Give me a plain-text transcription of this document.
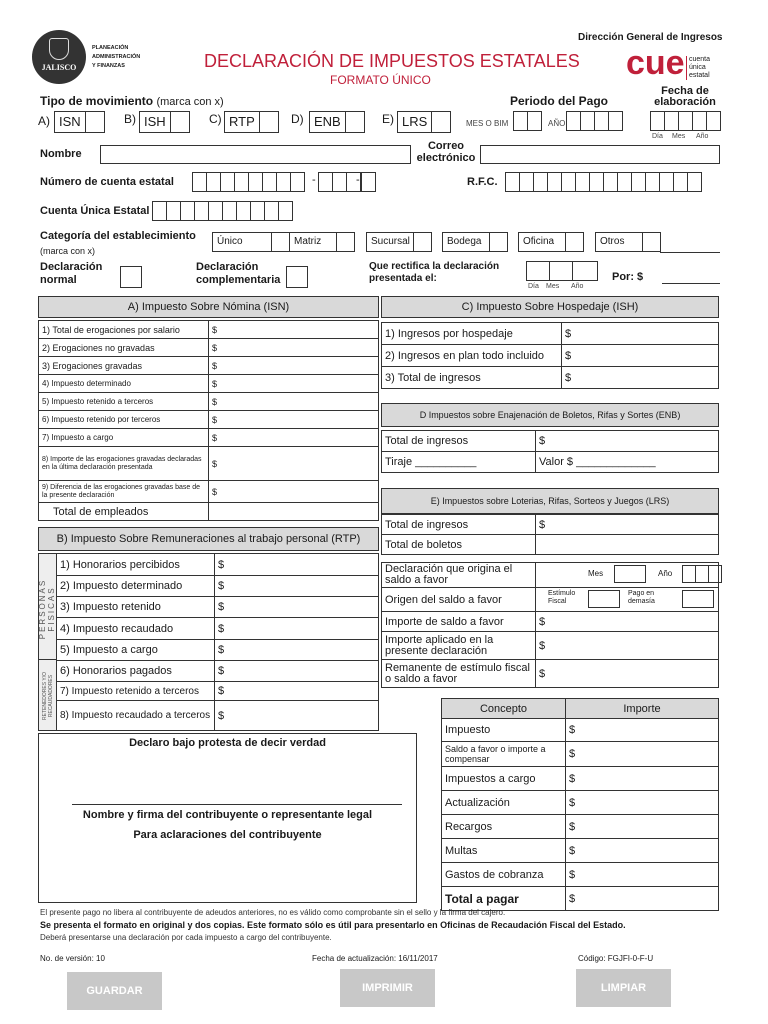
JALISCO
PLANEACIÓN
ADMINISTRACIÓN
Y FINANZAS
Dirección General de Ingresos
DECLARACIÓN DE IMPUESTOS ESTATALES
FORMATO ÚNICO	cue cuenta
única
estatal
Fecha de elaboración
Día Mes Año
Tipo de movimiento (marca con x)	Periodo del Pago
A) ISN	B) ISH	C) RTP	D) ENB	E) LRS	MES O BIM	AÑO
Nombre
Correo electrónico
Número de cuenta estatal	-	-	R.F.C.
Cuenta Única Estatal
Categoría del establecimiento
(marca con x)
Único	Matriz	Sucursal	Bodega	Oficina	Otros
Declaración normal
Declaración complementaria
Que rectifica la declaración presentada el:
Día Mes Año
Por: $
A) Impuesto Sobre Nómina (ISN)
1) Total de erogaciones por salario	$
2) Erogaciones no gravadas	$
3) Erogaciones gravadas	$
4) Impuesto determinado	$
5) Impuesto retenido a terceros	$
6) Impuesto retenido por terceros	$
7) Impuesto a cargo	$
8) Importe de las erogaciones gravadas declaradas en la última declaración presentada	$
9) Diferencia de las erogaciones gravadas base de la presente declaración	$
Total de empleados	
B) Impuesto Sobre Remuneraciones al trabajo personal (RTP)
PERSONAS FISICAS
RETENEDORES Y/O RECAUDADORES
1) Honorarios percibidos	$
2) Impuesto determinado	$
3) Impuesto retenido	$
4) Impuesto recaudado	$
5) Impuesto a cargo	$
6) Honorarios pagados	$
7) Impuesto retenido a terceros	$
8) Impuesto recaudado a terceros	$
C) Impuesto Sobre Hospedaje (ISH)
1) Ingresos por hospedaje	$
2) Ingresos en plan todo incluido	$
3) Total de ingresos	$
D Impuestos sobre Enajenación de Boletos, Rifas y Sortes (ENB)
Total de ingresos	$
Tiraje __________	Valor $ _____________
E) Impuestos sobre Loterias, Rifas, Sorteos y Juegos (LRS)
Total de ingresos	$
Total de boletos	
Declaración que origina el saldo a favor	Mes Año

Origen del saldo a favor	Estímulo Fiscal
Pago en demasía

Importe de saldo a favor	$
Importe aplicado en la presente declaración	$
Remanente de estímulo fiscal o saldo a favor	$
Concepto	Importe
Impuesto	$
Saldo a favor o importe a compensar	$
Impuestos a cargo	$
Actualización	$
Recargos	$
Multas	$
Gastos de cobranza	$
Total a pagar	$
Declaro bajo protesta de decir verdad
Nombre y firma del contribuyente o representante legal
Para aclaraciones del contribuyente
El presente pago no libera al contribuyente de adeudos anteriores, no es válido como comprobante sin el sello y la firma del cajero.
Se presenta el formato en original y dos copias. Este formato sólo es útil para presentarlo en Oficinas de Recaudación Fiscal del Estado.
Deberá presentarse una declaración por cada impuesto a cargo del contribuyente.
No. de versión: 10	Fecha de actualización: 16/11/2017	Código: FGJFI-0-F-U
GUARDAR	IMPRIMIR	LIMPIAR
